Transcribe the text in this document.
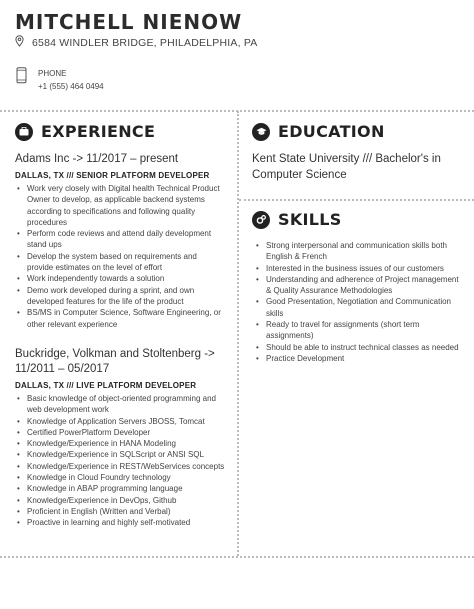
MITCHELL NIENOW
6584 WINDLER BRIDGE, PHILADELPHIA, PA
PHONE
+1 (555) 464 0494
EXPERIENCE
Adams Inc -> 11/2017 – present
DALLAS, TX /// SENIOR PLATFORM DEVELOPER
• Work very closely with Digital health Technical Product Owner to develop, as applicable backend systems according to specifications and following quality procedures
• Perform code reviews and attend daily development stand ups
• Develop the system based on requirements and provide estimates on the level of effort
• Work independently towards a solution
• Demo work developed during a sprint, and own developed features for the life of the product
• BS/MS in Computer Science, Software Engineering, or other relevant experience
Buckridge, Volkman and Stoltenberg -> 11/2011 – 05/2017
DALLAS, TX /// LIVE PLATFORM DEVELOPER
• Basic knowledge of object-oriented programming and web development work
• Knowledge of Application Servers JBOSS, Tomcat
• Certified PowerPlatform Developer
• Knowledge/Experience in HANA Modeling
• Knowledge/Experience in SQLScript or ANSI SQL
• Knowledge/Experience in REST/WebServices concepts
• Knowledge in Cloud Foundry technology
• Knowledge in ABAP programming language
• Knowledge/Experience in DevOps, Github
• Proficient in English (Written and Verbal)
• Proactive in learning and highly self-motivated
EDUCATION
Kent State University /// Bachelor's in Computer Science
SKILLS
• Strong interpersonal and communication skills both English & French
• Interested in the business issues of our customers
• Understanding and adherence of Project management & Quality Assurance Methodologies
• Good Presentation, Negotiation and Communication skills
• Ready to travel for assignments (short term assignments)
• Should be able to instruct technical classes as needed
• Practice Development
